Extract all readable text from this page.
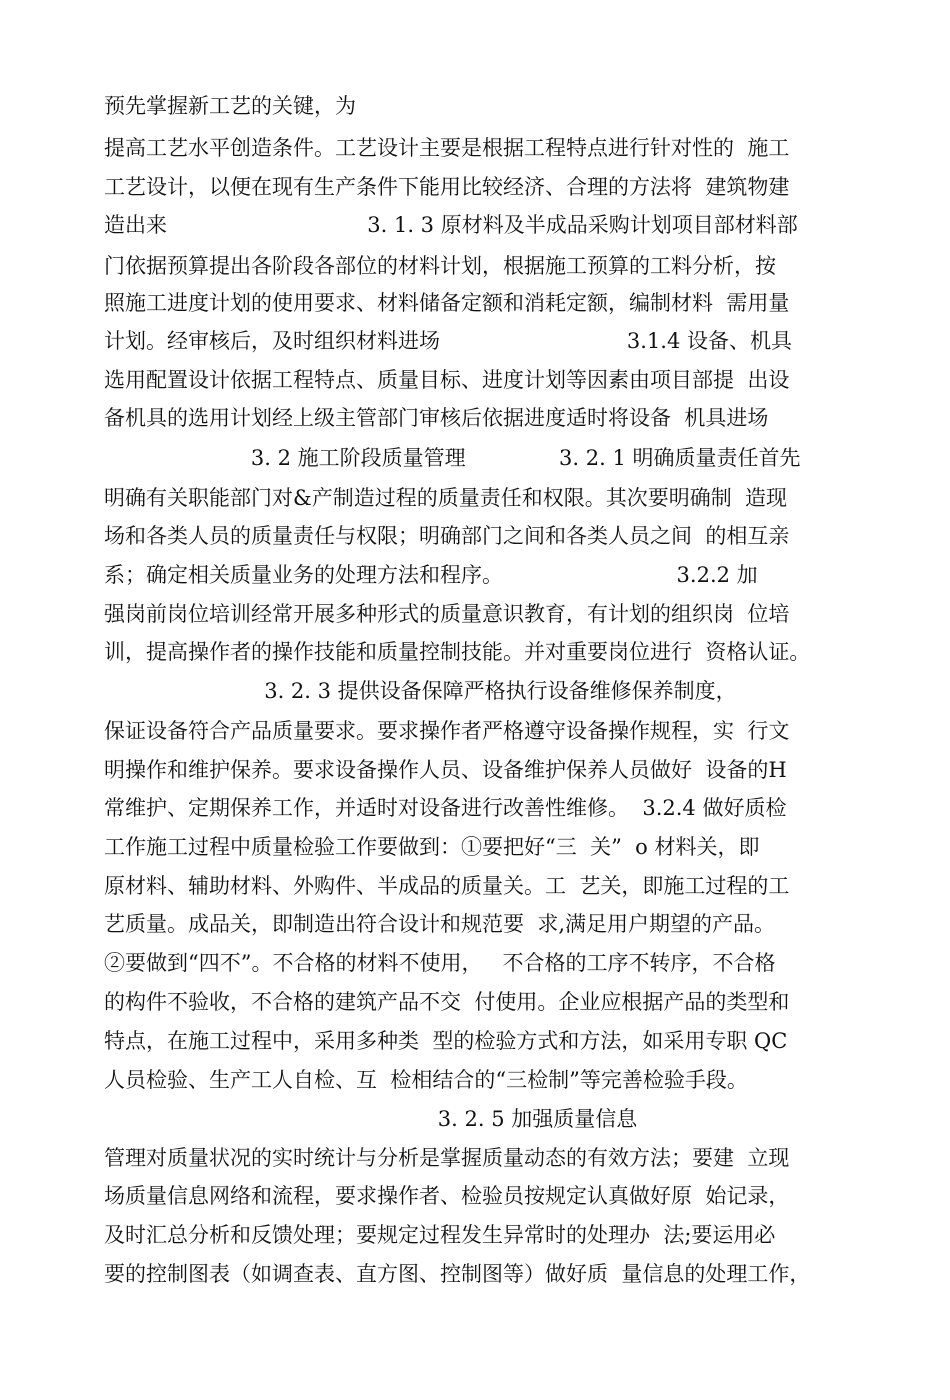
预先掌握新工艺的关键，为

提高工艺水平创造条件。工艺设计主要是根据工程特点进行针对性的  施工

工艺设计，以便在现有生产条件下能用比较经济、合理的方法将  建筑物建

造出来                              3. 1. 3 原材料及半成品采购计划项目部材料部

门依据预算提出各阶段各部位的材料计划，根据施工预算的工料分析，按

照施工进度计划的使用要求、材料储备定额和消耗定额，编制材料  需用量

计划。经审核后，及时组织材料进场                            3.1.4 设备、机具

选用配置设计依据工程特点、质量目标、进度计划等因素由项目部提  出设

备机具的选用计划经上级主管部门审核后依据进度适时将设备  机具进场

3. 2 施工阶段质量管理              3. 2. 1 明确质量责任首先

明确有关职能部门对&产制造过程的质量责任和权限。其次要明确制  造现

场和各类人员的质量责任与权限；明确部门之间和各类人员之间  的相互亲

系；确定相关质量业务的处理方法和程序。                          3.2.2 加

强岗前岗位培训经常开展多种形式的质量意识教育，有计划的组织岗  位培

训，提高操作者的操作技能和质量控制技能。并对重要岗位进行  资格认证。

3. 2. 3 提供设备保障严格执行设备维修保养制度，

保证设备符合产品质量要求。要求操作者严格遵守设备操作规程，实  行文

明操作和维护保养。要求设备操作人员、设备维护保养人员做好  设备的H

常维护、定期保养工作，并适时对设备进行改善性维修。  3.2.4 做好质检

工作施工过程中质量检验工作要做到：①要把好“三  关”  o 材料关，即

原材料、辅助材料、外购件、半成品的质量关。工  艺关，即施工过程的工

艺质量。成品关，即制造出符合设计和规范要  求,满足用户期望的产品。

②要做到“四不”。不合格的材料不使用，   不合格的工序不转序，不合格

的构件不验收，不合格的建筑产品不交  付使用。企业应根据产品的类型和

特点，在施工过程中，采用多种类  型的检验方式和方法，如采用专职 QC

人员检验、生产工人自检、互  检相结合的“三检制”等完善检验手段。

3. 2. 5 加强质量信息

管理对质量状况的实时统计与分析是掌握质量动态的有效方法；要建  立现

场质量信息网络和流程，要求操作者、检验员按规定认真做好原  始记录，

及时汇总分析和反馈处理；要规定过程发生异常时的处理办  法;要运用必

要的控制图表（如调查表、直方图、控制图等）做好质  量信息的处理工作，
